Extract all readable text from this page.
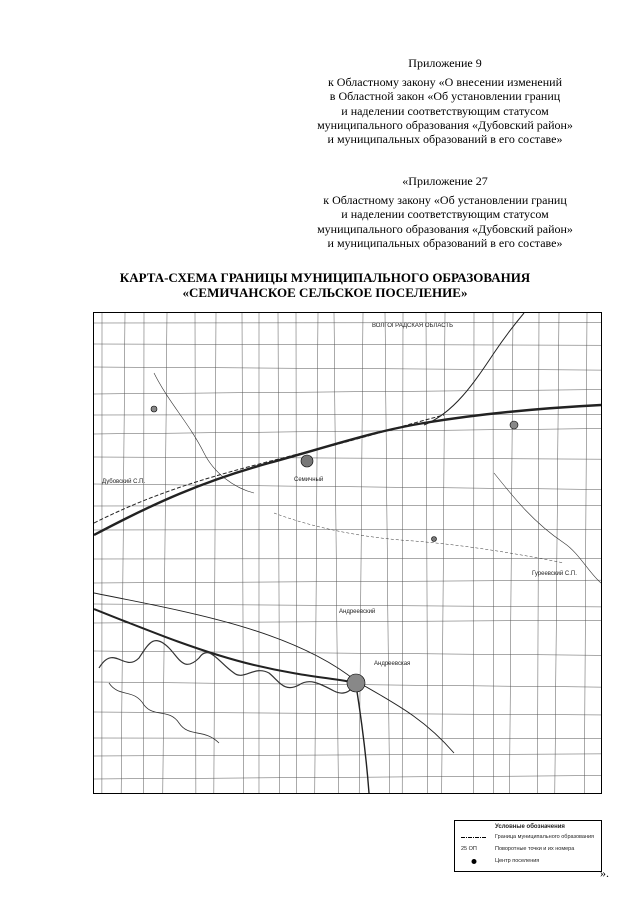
Приложение 9
к Областному закону «О внесении изменений
в Областной закон «Об установлении границ
и наделении соответствующим статусом
муниципального образования «Дубовский район»
и муниципальных образований в его составе»
«Приложение 27
к Областному закону «Об установлении границ
и наделении соответствующим статусом
муниципального образования «Дубовский район»
и муниципальных образований в его составе»
КАРТА-СХЕМА ГРАНИЦЫ МУНИЦИПАЛЬНОГО ОБРАЗОВАНИЯ
«СЕМИЧАНСКОЕ СЕЛЬСКОЕ ПОСЕЛЕНИЕ»
ВОЛГОГРАДСКАЯ ОБЛАСТЬ
Семичный
Дубовский С.П.
Андреевская
Гуреевский С.П.
Андреевский
Условные обозначения
Граница муниципального образования
25 ОП	Поворотные точки и их номера
Центр поселения
».
